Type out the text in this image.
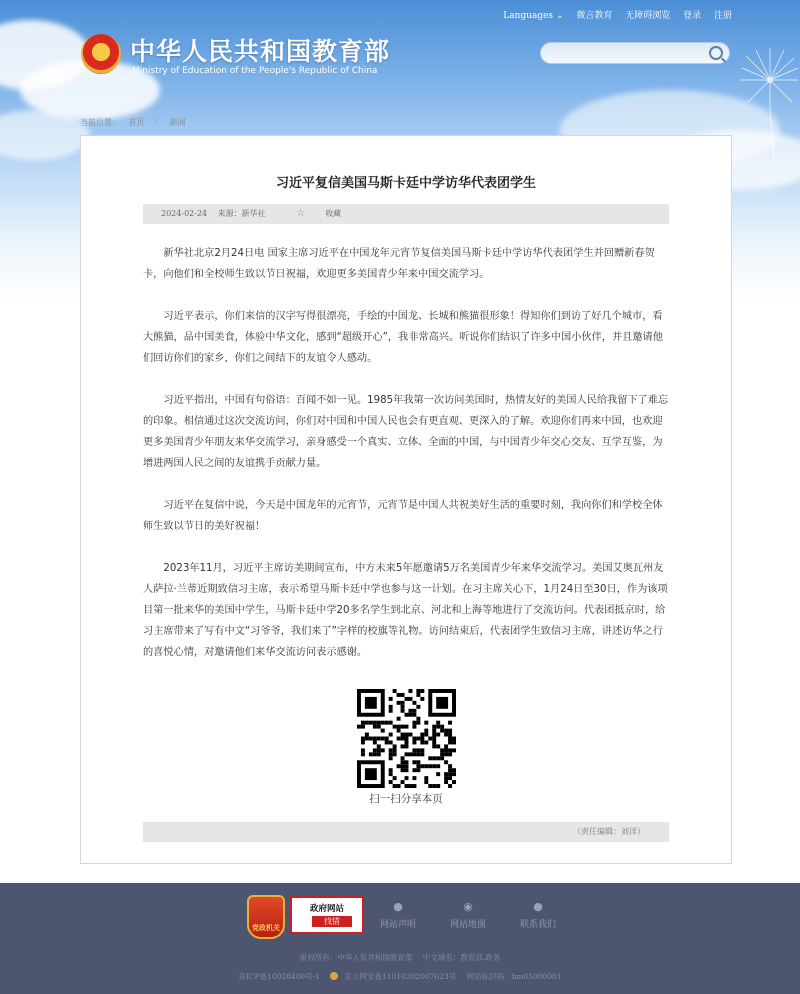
Languages ⌄ 微言教育 无障碍浏览 登录 注册
中华人民共和国教育部
Ministry of Education of the People's Republic of China
当前位置： 首页 〉 新闻
习近平复信美国马斯卡廷中学访华代表团学生
2024-02-24 来源：新华社	☆	收藏

新华社北京2月24日电 国家主席习近平在中国龙年元宵节复信美国马斯卡廷中学访华代表团学生并回赠新春贺卡，向他们和全校师生致以节日祝福，欢迎更多美国青少年来中国交流学习。

习近平表示，你们来信的汉字写得很漂亮，手绘的中国龙、长城和熊猫很形象！得知你们到访了好几个城市，看大熊猫，品中国美食，体验中华文化，感到“超级开心”，我非常高兴。听说你们结识了许多中国小伙伴，并且邀请他们回访你们的家乡，你们之间结下的友谊令人感动。

习近平指出，中国有句俗语：百闻不如一见。1985年我第一次访问美国时，热情友好的美国人民给我留下了难忘的印象。相信通过这次交流访问，你们对中国和中国人民也会有更直观、更深入的了解。欢迎你们再来中国，也欢迎更多美国青少年朋友来华交流学习，亲身感受一个真实、立体、全面的中国，与中国青少年交心交友、互学互鉴，为增进两国人民之间的友谊携手贡献力量。

习近平在复信中说，今天是中国龙年的元宵节，元宵节是中国人共祝美好生活的重要时刻，我向你们和学校全体师生致以节日的美好祝福！

2023年11月，习近平主席访美期间宣布，中方未来5年愿邀请5万名美国青少年来华交流学习。美国艾奥瓦州友人萨拉·兰蒂近期致信习主席，表示希望马斯卡廷中学也参与这一计划。在习主席关心下，1月24日至30日，作为该项目第一批来华的美国中学生，马斯卡廷中学20多名学生到北京、河北和上海等地进行了交流访问。代表团抵京时，给习主席带来了写有中文“习爷爷，我们来了”字样的校旗等礼物。访问结束后，代表团学生致信习主席，讲述访华之行的喜悦心情，对邀请他们来华交流访问表示感谢。

扫一扫分享本页
（责任编辑：刘洋）
党政机关
政府网站
找错
●
网站声明
◉
网站地图
●
联系我们
版权所有：中华人民共和国教育部 中文域名：教育部.政务
京ICP备10028400号-1	京公网安备11010202007623号 网站标识码：bm05000001
